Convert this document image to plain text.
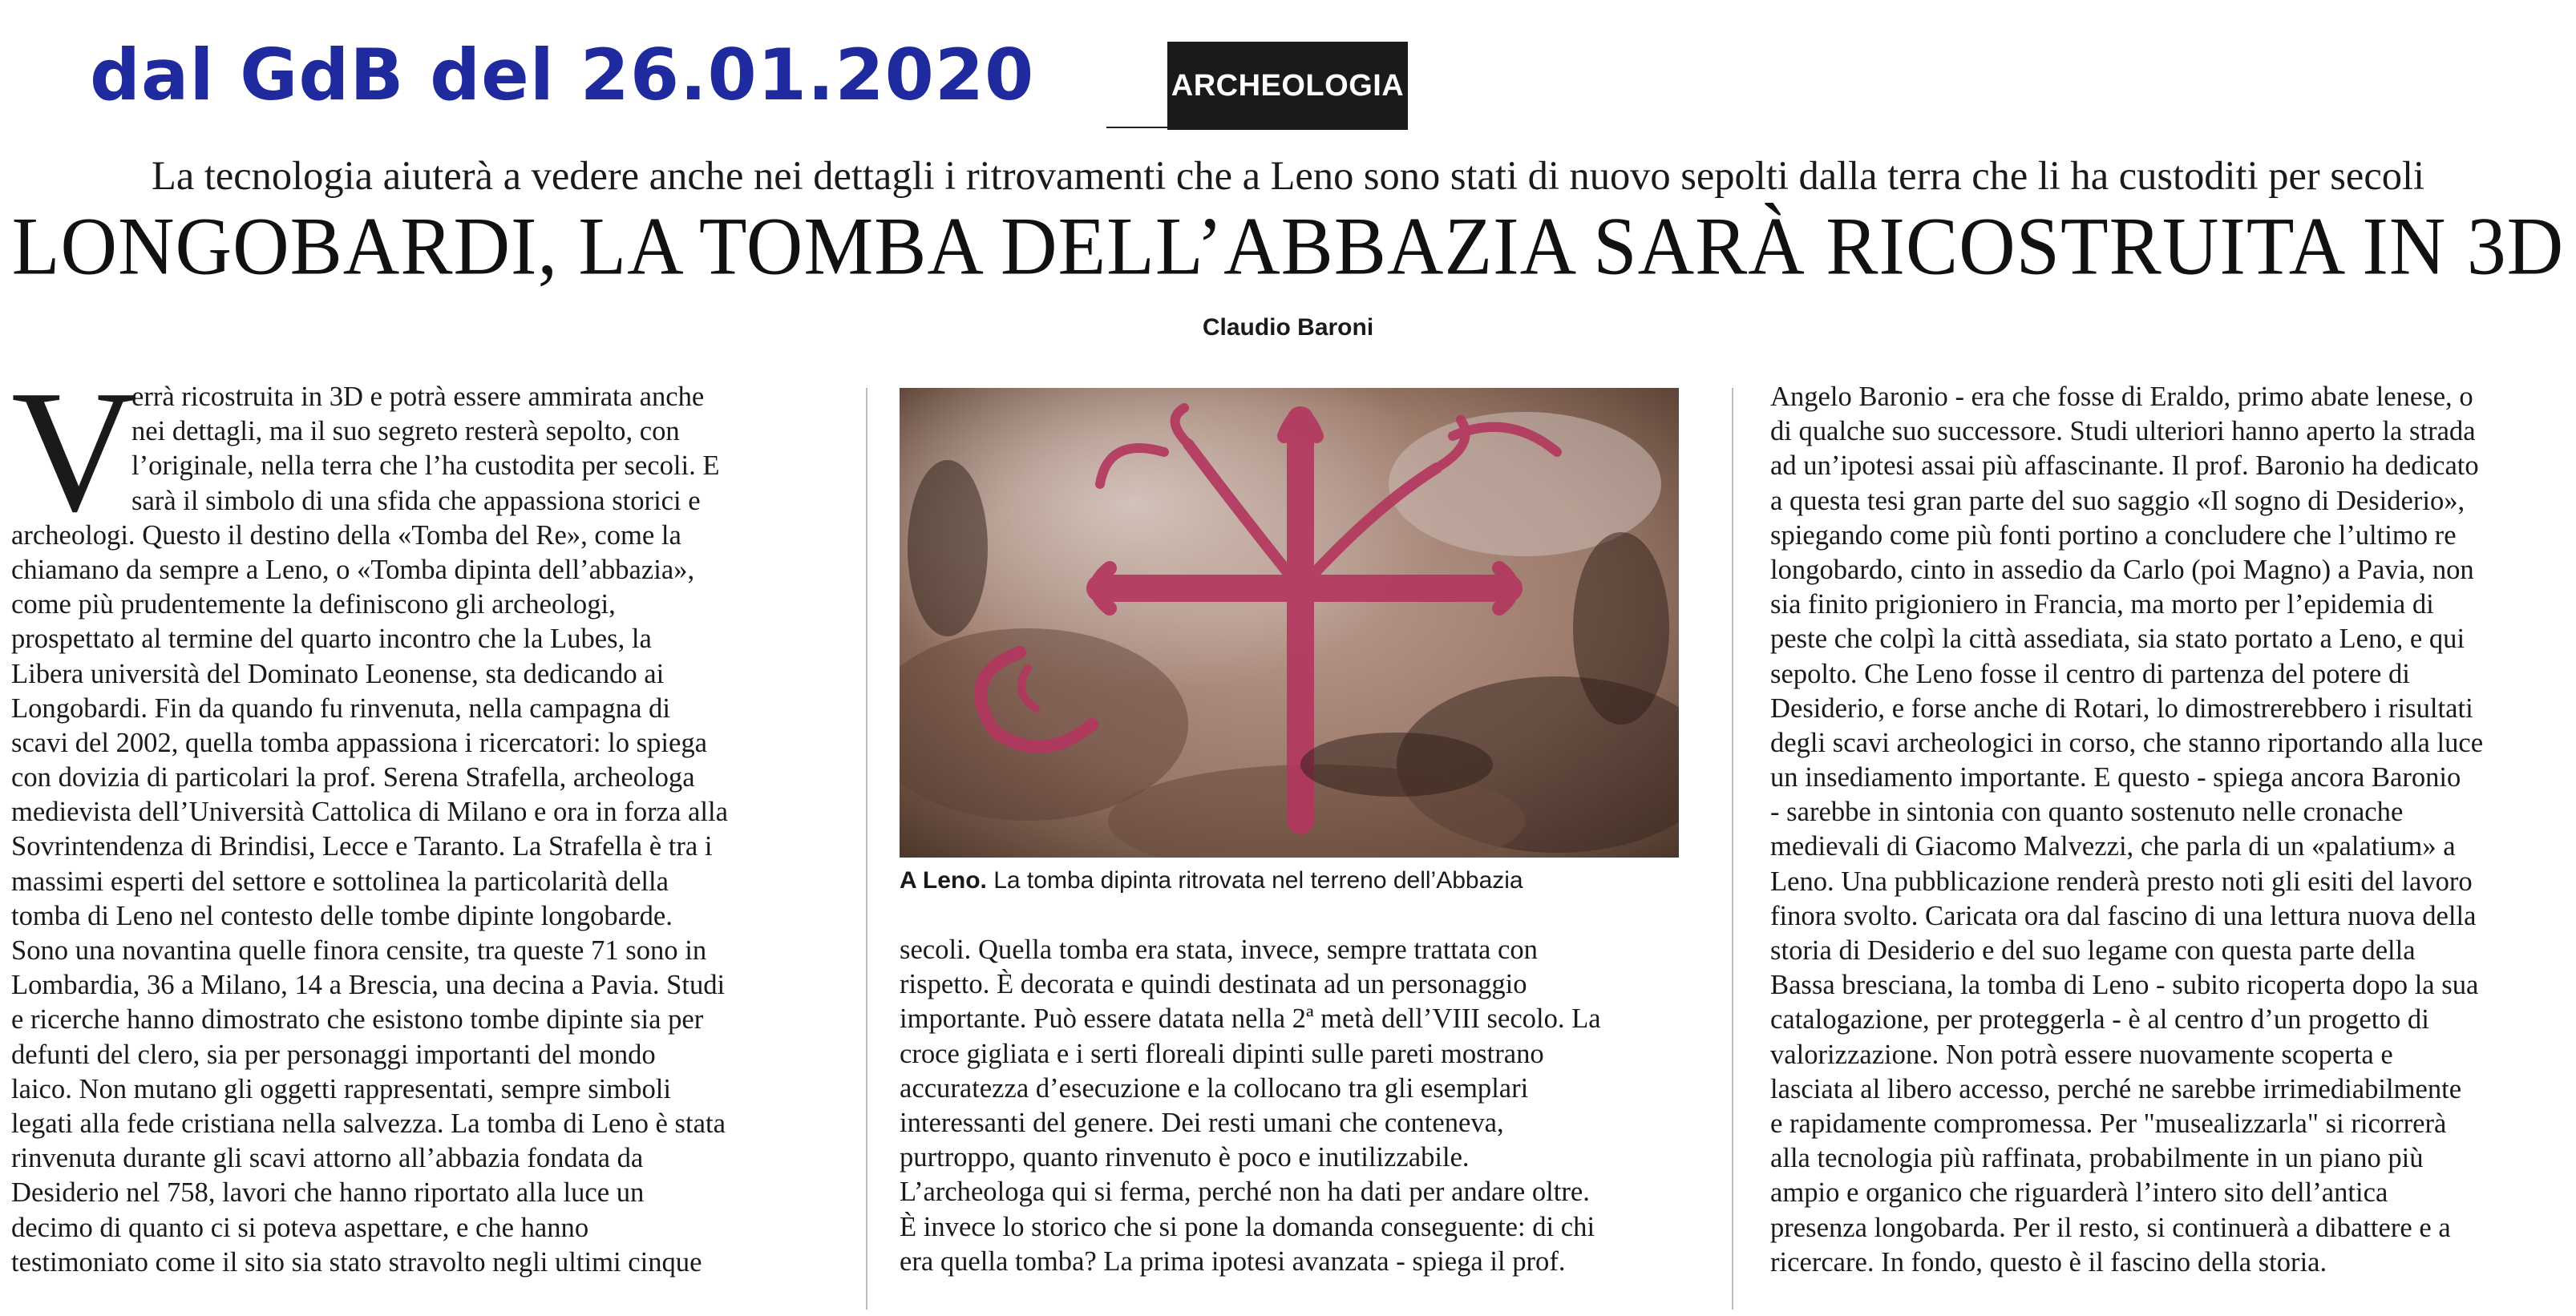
dal GdB del 26.01.2020	ARCHEOLOGIA
La tecnologia aiuterà a vedere anche nei dettagli i ritrovamenti che a Leno sono stati di nuovo sepolti dalla terra che li ha custoditi per secoli
LONGOBARDI, LA TOMBA DELL’ABBAZIA SARÀ RICOSTRUITA IN 3D

Claudio Baroni

V
errà ricostruita in 3D e potrà essere ammirata anche
nei dettagli, ma il suo segreto resterà sepolto, con
l’originale, nella terra che l’ha custodita per secoli. E
sarà il simbolo di una sfida che appassiona storici e
archeologi. Questo il destino della «Tomba del Re», come la
chiamano da sempre a Leno, o «Tomba dipinta dell’abbazia»,
come più prudentemente la definiscono gli archeologi,
prospettato al termine del quarto incontro che la Lubes, la
Libera università del Dominato Leonense, sta dedicando ai
Longobardi. Fin da quando fu rinvenuta, nella campagna di
scavi del 2002, quella tomba appassiona i ricercatori: lo spiega
con dovizia di particolari la prof. Serena Strafella, archeologa
medievista dell’Università Cattolica di Milano e ora in forza alla
Sovrintendenza di Brindisi, Lecce e Taranto. La Strafella è tra i
massimi esperti del settore e sottolinea la particolarità della
tomba di Leno nel contesto delle tombe dipinte longobarde.
Sono una novantina quelle finora censite, tra queste 71 sono in
Lombardia, 36 a Milano, 14 a Brescia, una decina a Pavia. Studi
e ricerche hanno dimostrato che esistono tombe dipinte sia per
defunti del clero, sia per personaggi importanti del mondo
laico. Non mutano gli oggetti rappresentati, sempre simboli
legati alla fede cristiana nella salvezza. La tomba di Leno è stata
rinvenuta durante gli scavi attorno all’abbazia fondata da
Desiderio nel 758, lavori che hanno riportato alla luce un
decimo di quanto ci si poteva aspettare, e che hanno
testimoniato come il sito sia stato stravolto negli ultimi cinque

A Leno. La tomba dipinta ritrovata nel terreno dell’Abbazia

secoli. Quella tomba era stata, invece, sempre trattata con
rispetto. È decorata e quindi destinata ad un personaggio
importante. Può essere datata nella 2ª metà dell’VIII secolo. La
croce gigliata e i serti floreali dipinti sulle pareti mostrano
accuratezza d’esecuzione e la collocano tra gli esemplari
interessanti del genere. Dei resti umani che conteneva,
purtroppo, quanto rinvenuto è poco e inutilizzabile.
L’archeologa qui si ferma, perché non ha dati per andare oltre.
È invece lo storico che si pone la domanda conseguente: di chi
era quella tomba? La prima ipotesi avanzata - spiega il prof.
Angelo Baronio - era che fosse di Eraldo, primo abate lenese, o
di qualche suo successore. Studi ulteriori hanno aperto la strada
ad un’ipotesi assai più affascinante. Il prof. Baronio ha dedicato
a questa tesi gran parte del suo saggio «Il sogno di Desiderio»,
spiegando come più fonti portino a concludere che l’ultimo re
longobardo, cinto in assedio da Carlo (poi Magno) a Pavia, non
sia finito prigioniero in Francia, ma morto per l’epidemia di
peste che colpì la città assediata, sia stato portato a Leno, e qui
sepolto. Che Leno fosse il centro di partenza del potere di
Desiderio, e forse anche di Rotari, lo dimostrerebbero i risultati
degli scavi archeologici in corso, che stanno riportando alla luce
un insediamento importante. E questo - spiega ancora Baronio
- sarebbe in sintonia con quanto sostenuto nelle cronache
medievali di Giacomo Malvezzi, che parla di un «palatium» a
Leno. Una pubblicazione renderà presto noti gli esiti del lavoro
finora svolto. Caricata ora dal fascino di una lettura nuova della
storia di Desiderio e del suo legame con questa parte della
Bassa bresciana, la tomba di Leno - subito ricoperta dopo la sua
catalogazione, per proteggerla - è al centro d’un progetto di
valorizzazione. Non potrà essere nuovamente scoperta e
lasciata al libero accesso, perché ne sarebbe irrimediabilmente
e rapidamente compromessa. Per "musealizzarla" si ricorrerà
alla tecnologia più raffinata, probabilmente in un piano più
ampio e organico che riguarderà l’intero sito dell’antica
presenza longobarda. Per il resto, si continuerà a dibattere e a
ricercare. In fondo, questo è il fascino della storia.
